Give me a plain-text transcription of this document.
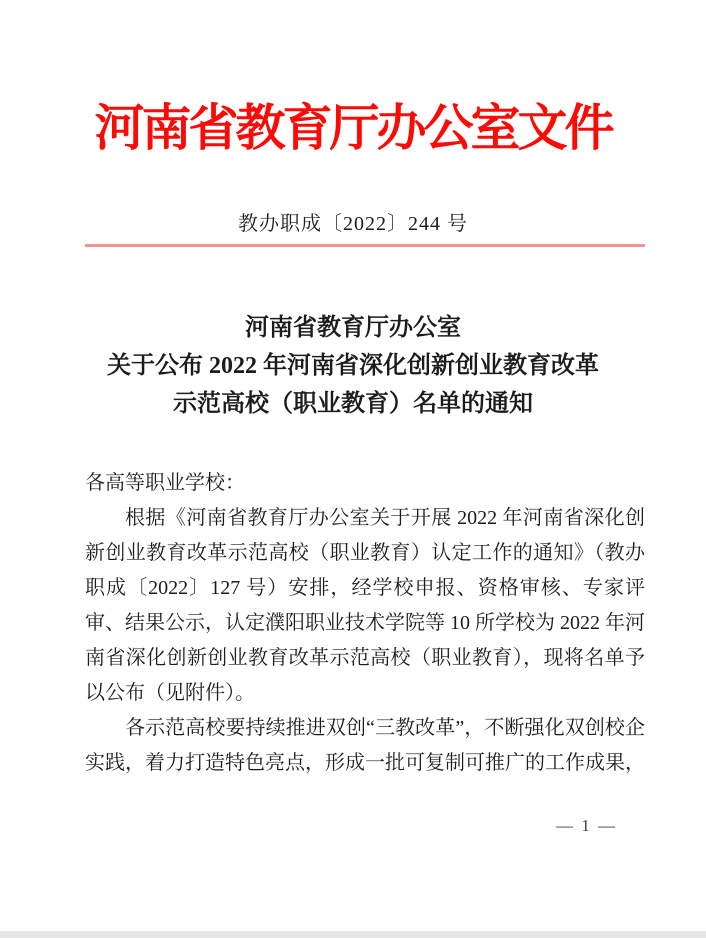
河南省教育厅办公室文件
教办职成〔2022〕244 号
河南省教育厅办公室
关于公布 2022 年河南省深化创新创业教育改革
示范高校（职业教育）名单的通知

各高等职业学校：

根据《河南省教育厅办公室关于开展 2022 年河南省深化创新创业教育改革示范高校（职业教育）认定工作的通知》（教办职成〔2022〕127 号）安排，经学校申报、资格审核、专家评审、结果公示，认定濮阳职业技术学院等 10 所学校为 2022 年河南省深化创新创业教育改革示范高校（职业教育），现将名单予以公布（见附件）。

各示范高校要持续推进双创“三教改革”，不断强化双创校企实践，着力打造特色亮点，形成一批可复制可推广的工作成果，

— 1 —
